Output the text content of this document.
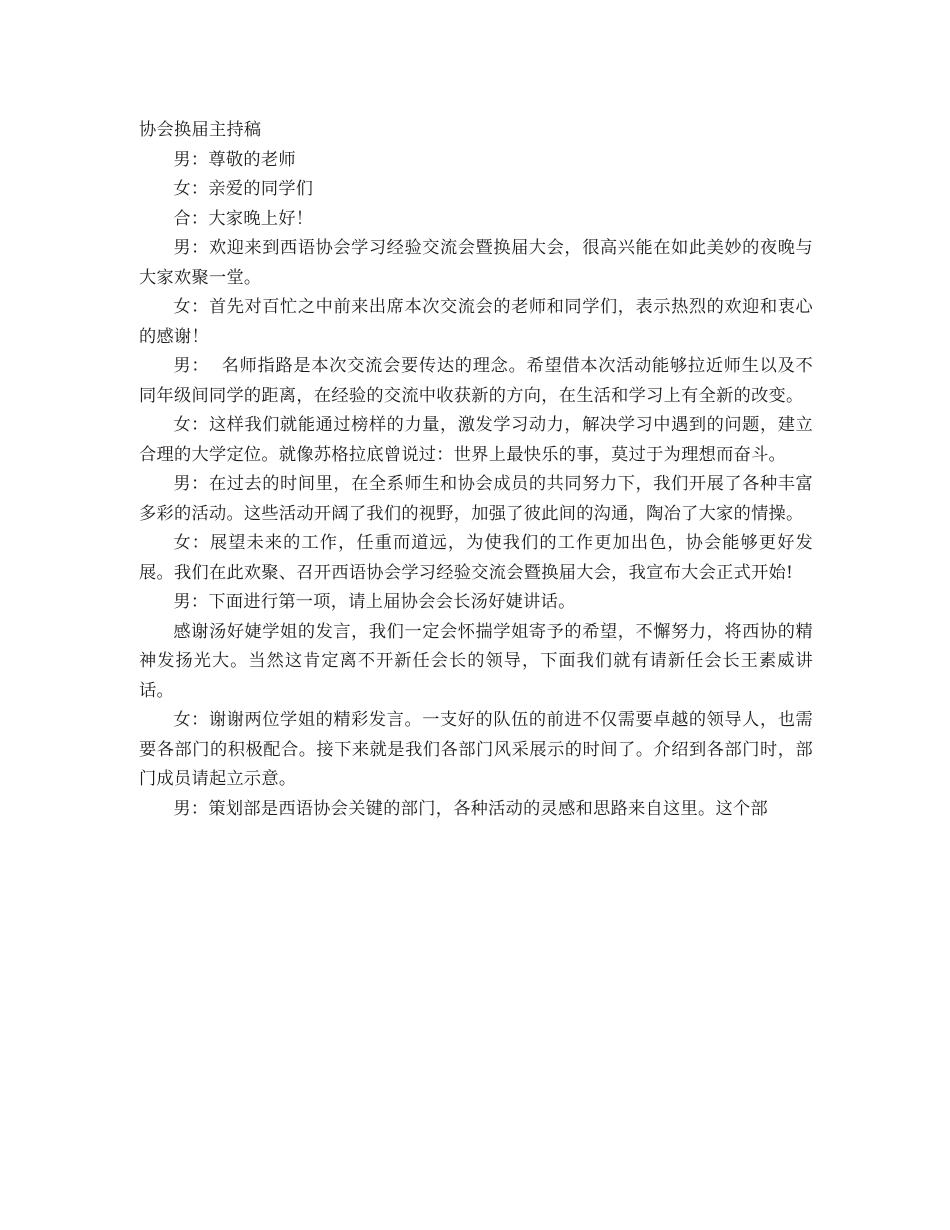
协会换届主持稿

男：尊敬的老师

女：亲爱的同学们

合：大家晚上好！

男：欢迎来到西语协会学习经验交流会暨换届大会，很高兴能在如此美妙的夜晚与大家欢聚一堂。

女：首先对百忙之中前来出席本次交流会的老师和同学们，表示热烈的欢迎和衷心的感谢！

男：  名师指路是本次交流会要传达的理念。希望借本次活动能够拉近师生以及不同年级间同学的距离，在经验的交流中收获新的方向，在生活和学习上有全新的改变。

女：这样我们就能通过榜样的力量，激发学习动力，解决学习中遇到的问题，建立合理的大学定位。就像苏格拉底曾说过：世界上最快乐的事，莫过于为理想而奋斗。

男：在过去的时间里，在全系师生和协会成员的共同努力下，我们开展了各种丰富多彩的活动。这些活动开阔了我们的视野，加强了彼此间的沟通，陶冶了大家的情操。

女：展望未来的工作，任重而道远，为使我们的工作更加出色，协会能够更好发展。我们在此欢聚、召开西语协会学习经验交流会暨换届大会，我宣布大会正式开始!

男：下面进行第一项，请上届协会会长汤好婕讲话。

感谢汤好婕学姐的发言，我们一定会怀揣学姐寄予的希望，不懈努力，将西协的精神发扬光大。当然这肯定离不开新任会长的领导，下面我们就有请新任会长王素威讲话。

女：谢谢两位学姐的精彩发言。一支好的队伍的前进不仅需要卓越的领导人，也需要各部门的积极配合。接下来就是我们各部门风采展示的时间了。介绍到各部门时，部门成员请起立示意。

男：策划部是西语协会关键的部门，各种活动的灵感和思路来自这里。这个部
